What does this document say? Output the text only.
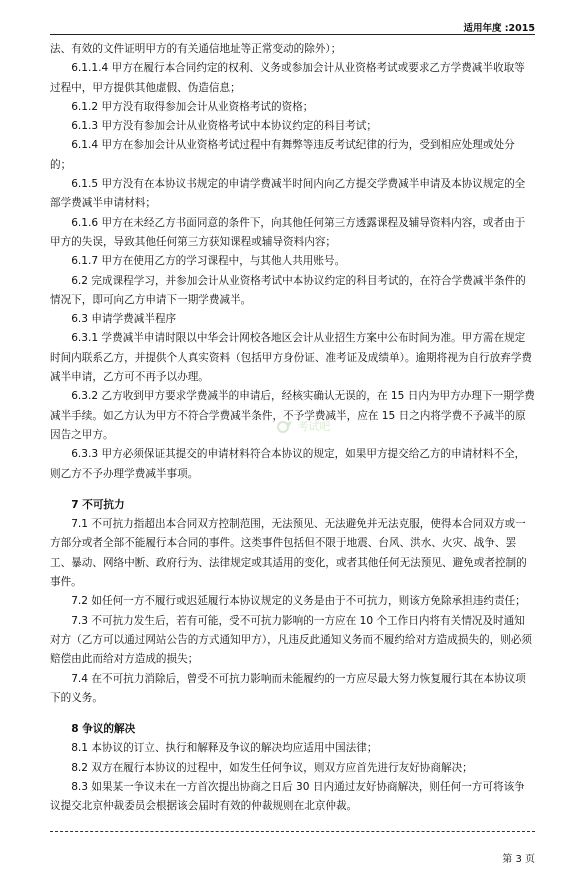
适用年度 :2015

法、有效的文件证明甲方的有关通信地址等正常变动的除外）；

6.1.1.4 甲方在履行本合同约定的权利、义务或参加会计从业资格考试或要求乙方学费减半收取等过程中，甲方提供其他虚假、伪造信息；

6.1.2 甲方没有取得参加会计从业资格考试的资格；

6.1.3 甲方没有参加会计从业资格考试中本协议约定的科目考试；

6.1.4 甲方在参加会计从业资格考试过程中有舞弊等违反考试纪律的行为，受到相应处理或处分的；

6.1.5 甲方没有在本协议书规定的申请学费减半时间内向乙方提交学费减半申请及本协议规定的全部学费减半申请材料；

6.1.6 甲方在未经乙方书面同意的条件下，向其他任何第三方透露课程及辅导资料内容，或者由于甲方的失误，导致其他任何第三方获知课程或辅导资料内容；

6.1.7 甲方在使用乙方的学习课程中，与其他人共用账号。

6.2 完成课程学习，并参加会计从业资格考试中本协议约定的科目考试的，在符合学费减半条件的情况下，即可向乙方申请下一期学费减半。

6.3 申请学费减半程序

6.3.1 学费减半申请时限以中华会计网校各地区会计从业招生方案中公布时间为准。甲方需在规定时间内联系乙方，并提供个人真实资料（包括甲方身份证、准考证及成绩单）。逾期将视为自行放弃学费减半申请，乙方可不再予以办理。

6.3.2 乙方收到甲方要求学费减半的申请后，经核实确认无误的，在 15 日内为甲方办理下一期学费减半手续。如乙方认为甲方不符合学费减半条件，不予学费减半，应在 15 日之内将学费不予减半的原因告之甲方。

6.3.3 甲方必须保证其提交的申请材料符合本协议的规定，如果甲方提交给乙方的申请材料不全，则乙方不予办理学费减半事项。

7 不可抗力

7.1 不可抗力指超出本合同双方控制范围，无法预见、无法避免并无法克服，使得本合同双方或一方部分或者全部不能履行本合同的事件。这类事件包括但不限于地震、台风、洪水、火灾、战争、罢工、暴动、网络中断、政府行为、法律规定或其适用的变化，或者其他任何无法预见、避免或者控制的事件。

7.2 如任何一方不履行或迟延履行本协议规定的义务是由于不可抗力，则该方免除承担违约责任；

7.3 不可抗力发生后，若有可能，受不可抗力影响的一方应在 10 个工作日内将有关情况及时通知对方（乙方可以通过网站公告的方式通知甲方），凡违反此通知义务而不履约给对方造成损失的，则必须赔偿由此而给对方造成的损失；

7.4 在不可抗力消除后，曾受不可抗力影响而未能履约的一方应尽最大努力恢复履行其在本协议项下的义务。

8 争议的解决

8.1 本协议的订立、执行和解释及争议的解决均应适用中国法律；

8.2 双方在履行本协议的过程中，如发生任何争议，则双方应首先进行友好协商解决；

8.3 如果某一争议未在一方首次提出协商之日后 30 日内通过友好协商解决，则任何一方可将该争议提交北京仲裁委员会根据该会届时有效的仲裁规则在北京仲裁。

考试吧
第 3 页
